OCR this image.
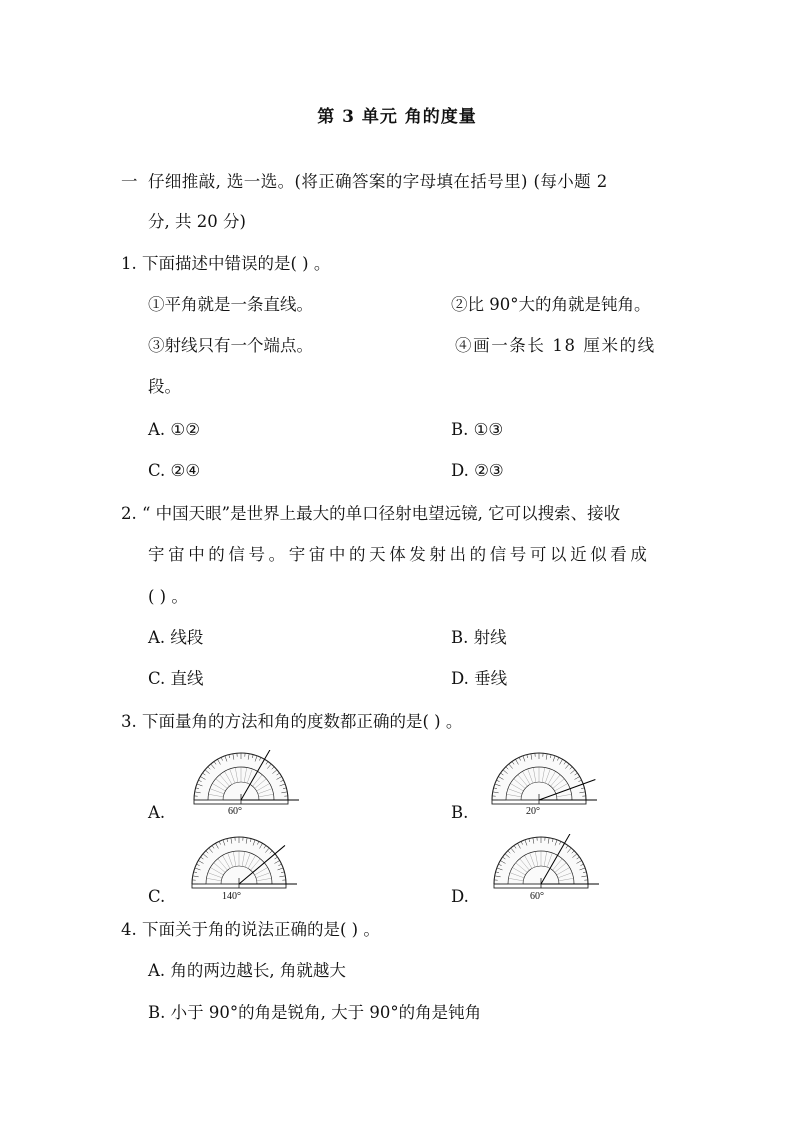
第 3 单元 角的度量
一 仔细推敲, 选一选。(将正确答案的字母填在括号里) (每小题 2
分, 共 20 分)
1. 下面描述中错误的是( ) 。
①平角就是一条直线。	②比 90°大的角就是钝角。
③射线只有一个端点。	④画一条长 18 厘米的线
段。
A. ①②	B. ①③
C. ②④	D. ②③
2. “ 中国天眼”是世界上最大的单口径射电望远镜, 它可以搜索、接收
宇宙中的信号。宇宙中的天体发射出的信号可以近似看成
( ) 。
A. 线段	B. 射线
C. 直线	D. 垂线
3. 下面量角的方法和角的度数都正确的是( ) 。
A.	60°	B.	20°
C.	140°	D.	60°
4. 下面关于角的说法正确的是( ) 。
A. 角的两边越长, 角就越大
B. 小于 90°的角是锐角, 大于 90°的角是钝角
